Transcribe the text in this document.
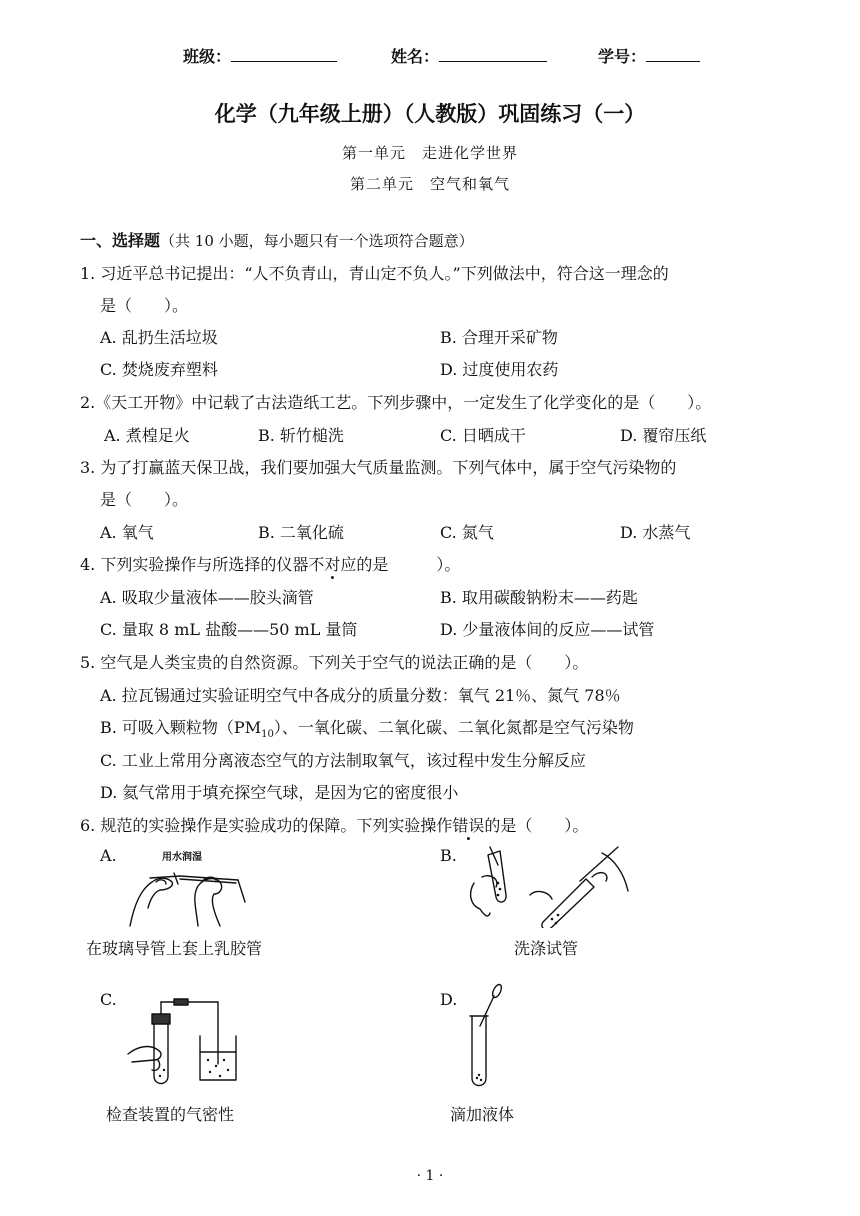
班级：	姓名：	学号：
化学（九年级上册）（人教版）巩固练习（一）
第一单元　走进化学世界
第二单元　空气和氧气
一、选择题（共 10 小题，每小题只有一个选项符合题意）
1. 习近平总书记提出：“人不负青山，青山定不负人。”下列做法中，符合这一理念的
是（　　）。
A. 乱扔生活垃圾	B. 合理开采矿物
C. 焚烧废弃塑料	D. 过度使用农药
2.《天工开物》中记载了古法造纸工艺。下列步骤中，一定发生了化学变化的是（　　）。
A. 煮楻足火	B. 斩竹槌洗	C. 日晒成干	D. 覆帘压纸
3. 为了打赢蓝天保卫战，我们要加强大气质量监测。下列气体中，属于空气污染物的
是（　　）。
A. 氧气	B. 二氧化硫	C. 氮气	D. 水蒸气
4. 下列实验操作与所选择的仪器不对应的是　　　）。
A. 吸取少量液体——胶头滴管	B. 取用碳酸钠粉末——药匙
C. 量取 8 mL 盐酸——50 mL 量筒	D. 少量液体间的反应——试管
5. 空气是人类宝贵的自然资源。下列关于空气的说法正确的是（　　）。
A. 拉瓦锡通过实验证明空气中各成分的质量分数：氧气 21％、氮气 78％
B. 可吸入颗粒物$(PM_{10})$、一氧化碳、二氧化碳、二氧化氮都是空气污染物
C. 工业上常用分离液态空气的方法制取氧气，该过程中发生分解反应
D. 氦气常用于填充探空气球，是因为它的密度很小
6. 规范的实验操作是实验成功的保障。下列实验操作错误的是（　　）。
A.	用水润湿
在玻璃导管上套上乳胶管
B.
洗涤试管
C.
检查装置的气密性
D.
滴加液体
· 1 ·
